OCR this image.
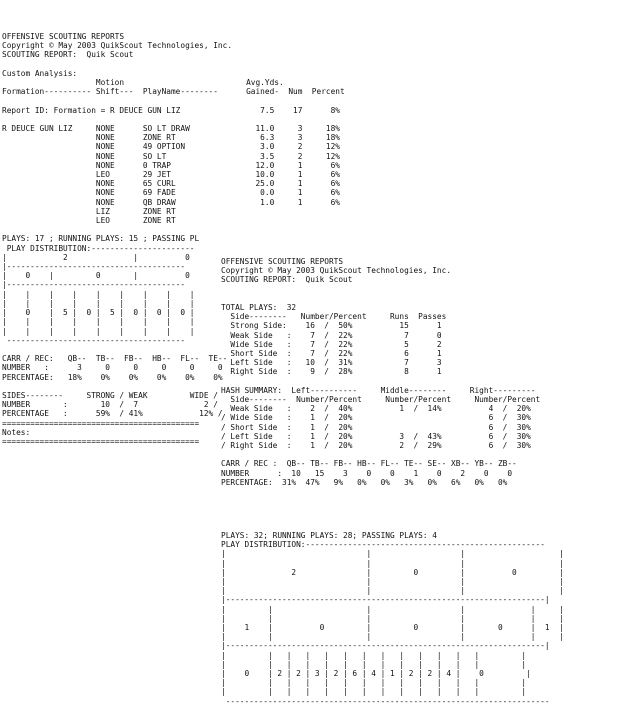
OFFENSIVE SCOUTING REPORTS
Copyright © May 2003 QuikScout Technologies, Inc.
SCOUTING REPORT:  Quik Scout

Custom Analysis:
Motion                          Avg.Yds.
Formation---------- Shift---  PlayName--------      Gained-  Num  Percent

Report ID: Formation = R DEUCE GUN LIZ                 7.5    17      8%

R DEUCE GUN LIZ     NONE      SO LT DRAW              11.0     3     18%
NONE      ZONE RT                  6.3     3     18%
NONE      49 OPTION                3.0     2     12%
NONE      SO LT                    3.5     2     12%
NONE      0 TRAP                  12.0     1      6%
LEO       29 JET                  10.0     1      6%
NONE      65 CURL                 25.0     1      6%
NONE      69 FADE                  0.0     1      6%
NONE      QB DRAW                  1.0     1      6%
LIZ       ZONE RT
LEO       ZONE RT

PLAYS: 17 ; RUNNING PLAYS: 15 ; PASSING PL
PLAY DISTRIBUTION:----------------------
|            2              |          0
|--------------------------------------
|    0    |         0       |          0
|--------------------------------------
|    |    |    |    |    |    |    |    |
|    |    |    |    |    |    |    |    |
|    0    |  5 |  0 |  5 |  0 |  0 |  0 |
|    |    |    |    |    |    |    |    |
|    |    |    |    |    |    |    |    |
--------------------------------------

CARR / REC:   QB--  TB--  FB--  HB--  FL--  TE--
NUMBER   :      3     0     0     0     0     0
PERCENTAGE:   18%    0%    0%    0%    0%    0%

SIDES--------     STRONG / WEAK         WIDE /
NUMBER       :       10  /  7              2 /
PERCENTAGE   :      59%  / 41%            12% /
==========================================
Notes:
==========================================

OFFENSIVE SCOUTING REPORTS
Copyright © May 2003 QuikScout Technologies, Inc.
SCOUTING REPORT:  Quik Scout

TOTAL PLAYS:  32
Side--------   Number/Percent     Runs  Passes
Strong Side:    16  /  50%          15      1
Weak Side   :    7  /  22%           7      0
Wide Side   :    7  /  22%           5      2
Short Side  :    7  /  22%           6      1
Left Side   :   10  /  31%           7      3
Right Side  :    9  /  28%           8      1

HASH SUMMARY:  Left----------     Middle--------     Right---------
Side--------  Number/Percent     Number/Percent     Number/Percent
Weak Side   :    2  /  40%          1  /  14%          4  /  20%
/ Wide Side   :    1  /  20%                             6  /  30%
/ Short Side  :    1  /  20%                             6  /  30%
/ Left Side   :    1  /  20%          3  /  43%          6  /  30%
/ Right Side  :    1  /  20%          2  /  29%          6  /  30%

CARR / REC :  QB-- TB-- FB-- HB-- FL-- TE-- SE-- XB-- YB-- ZB--
NUMBER      :  10   15    3    0    0    1    0    2    0    0
PERCENTAGE:  31%  47%   9%   0%   0%   3%   0%   6%   0%   0%

PLAYS: 32; RUNNING PLAYS: 28; PASSING PLAYS: 4
PLAY DISTRIBUTION:---------------------------------------------------
|                              |                   |                    |
|                              |                   |                    |
|              2               |         0         |          0         |
|                              |                   |                    |
|                              |                   |                    |
|--------------------------------------------------------------------|
|         |                    |                   |              |     |
|         |                    |                   |              |     |
|    1    |          0         |         0         |       0      |  1  |
|         |                    |                   |              |     |
|--------------------------------------------------------------------|
|         |   |   |   |   |   |   |   |   |   |   |   |         |
|         |   |   |   |   |   |   |   |   |   |   |   |         |
|    0    | 2 | 2 | 3 | 2 | 6 | 4 | 1 | 2 | 2 | 4 |    0         |
|         |   |   |   |   |   |   |   |   |   |   |   |         |
|         |   |   |   |   |   |   |   |   |   |   |   |         |
---------------------------------------------------------------------
